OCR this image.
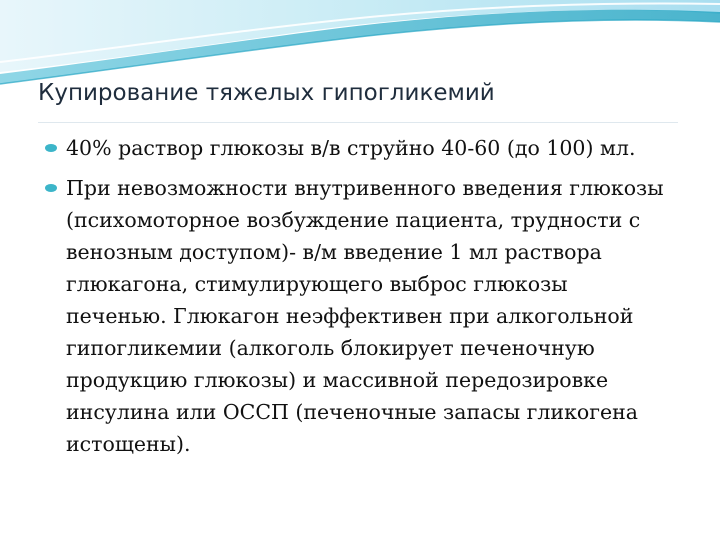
Купирование тяжелых гипогликемий
40% раствор глюкозы в/в струйно 40-60 (до 100) мл.
При невозможности внутривенного введения глюкозы (психомоторное возбуждение пациента, трудности с венозным доступом)- в/м введение 1 мл раствора глюкагона, стимулирующего выброс глюкозы печенью. Глюкагон неэффективен при алкогольной гипогликемии (алкоголь блокирует печеночную продукцию глюкозы) и массивной передозировке инсулина или ОССП (печеночные запасы гликогена истощены).
